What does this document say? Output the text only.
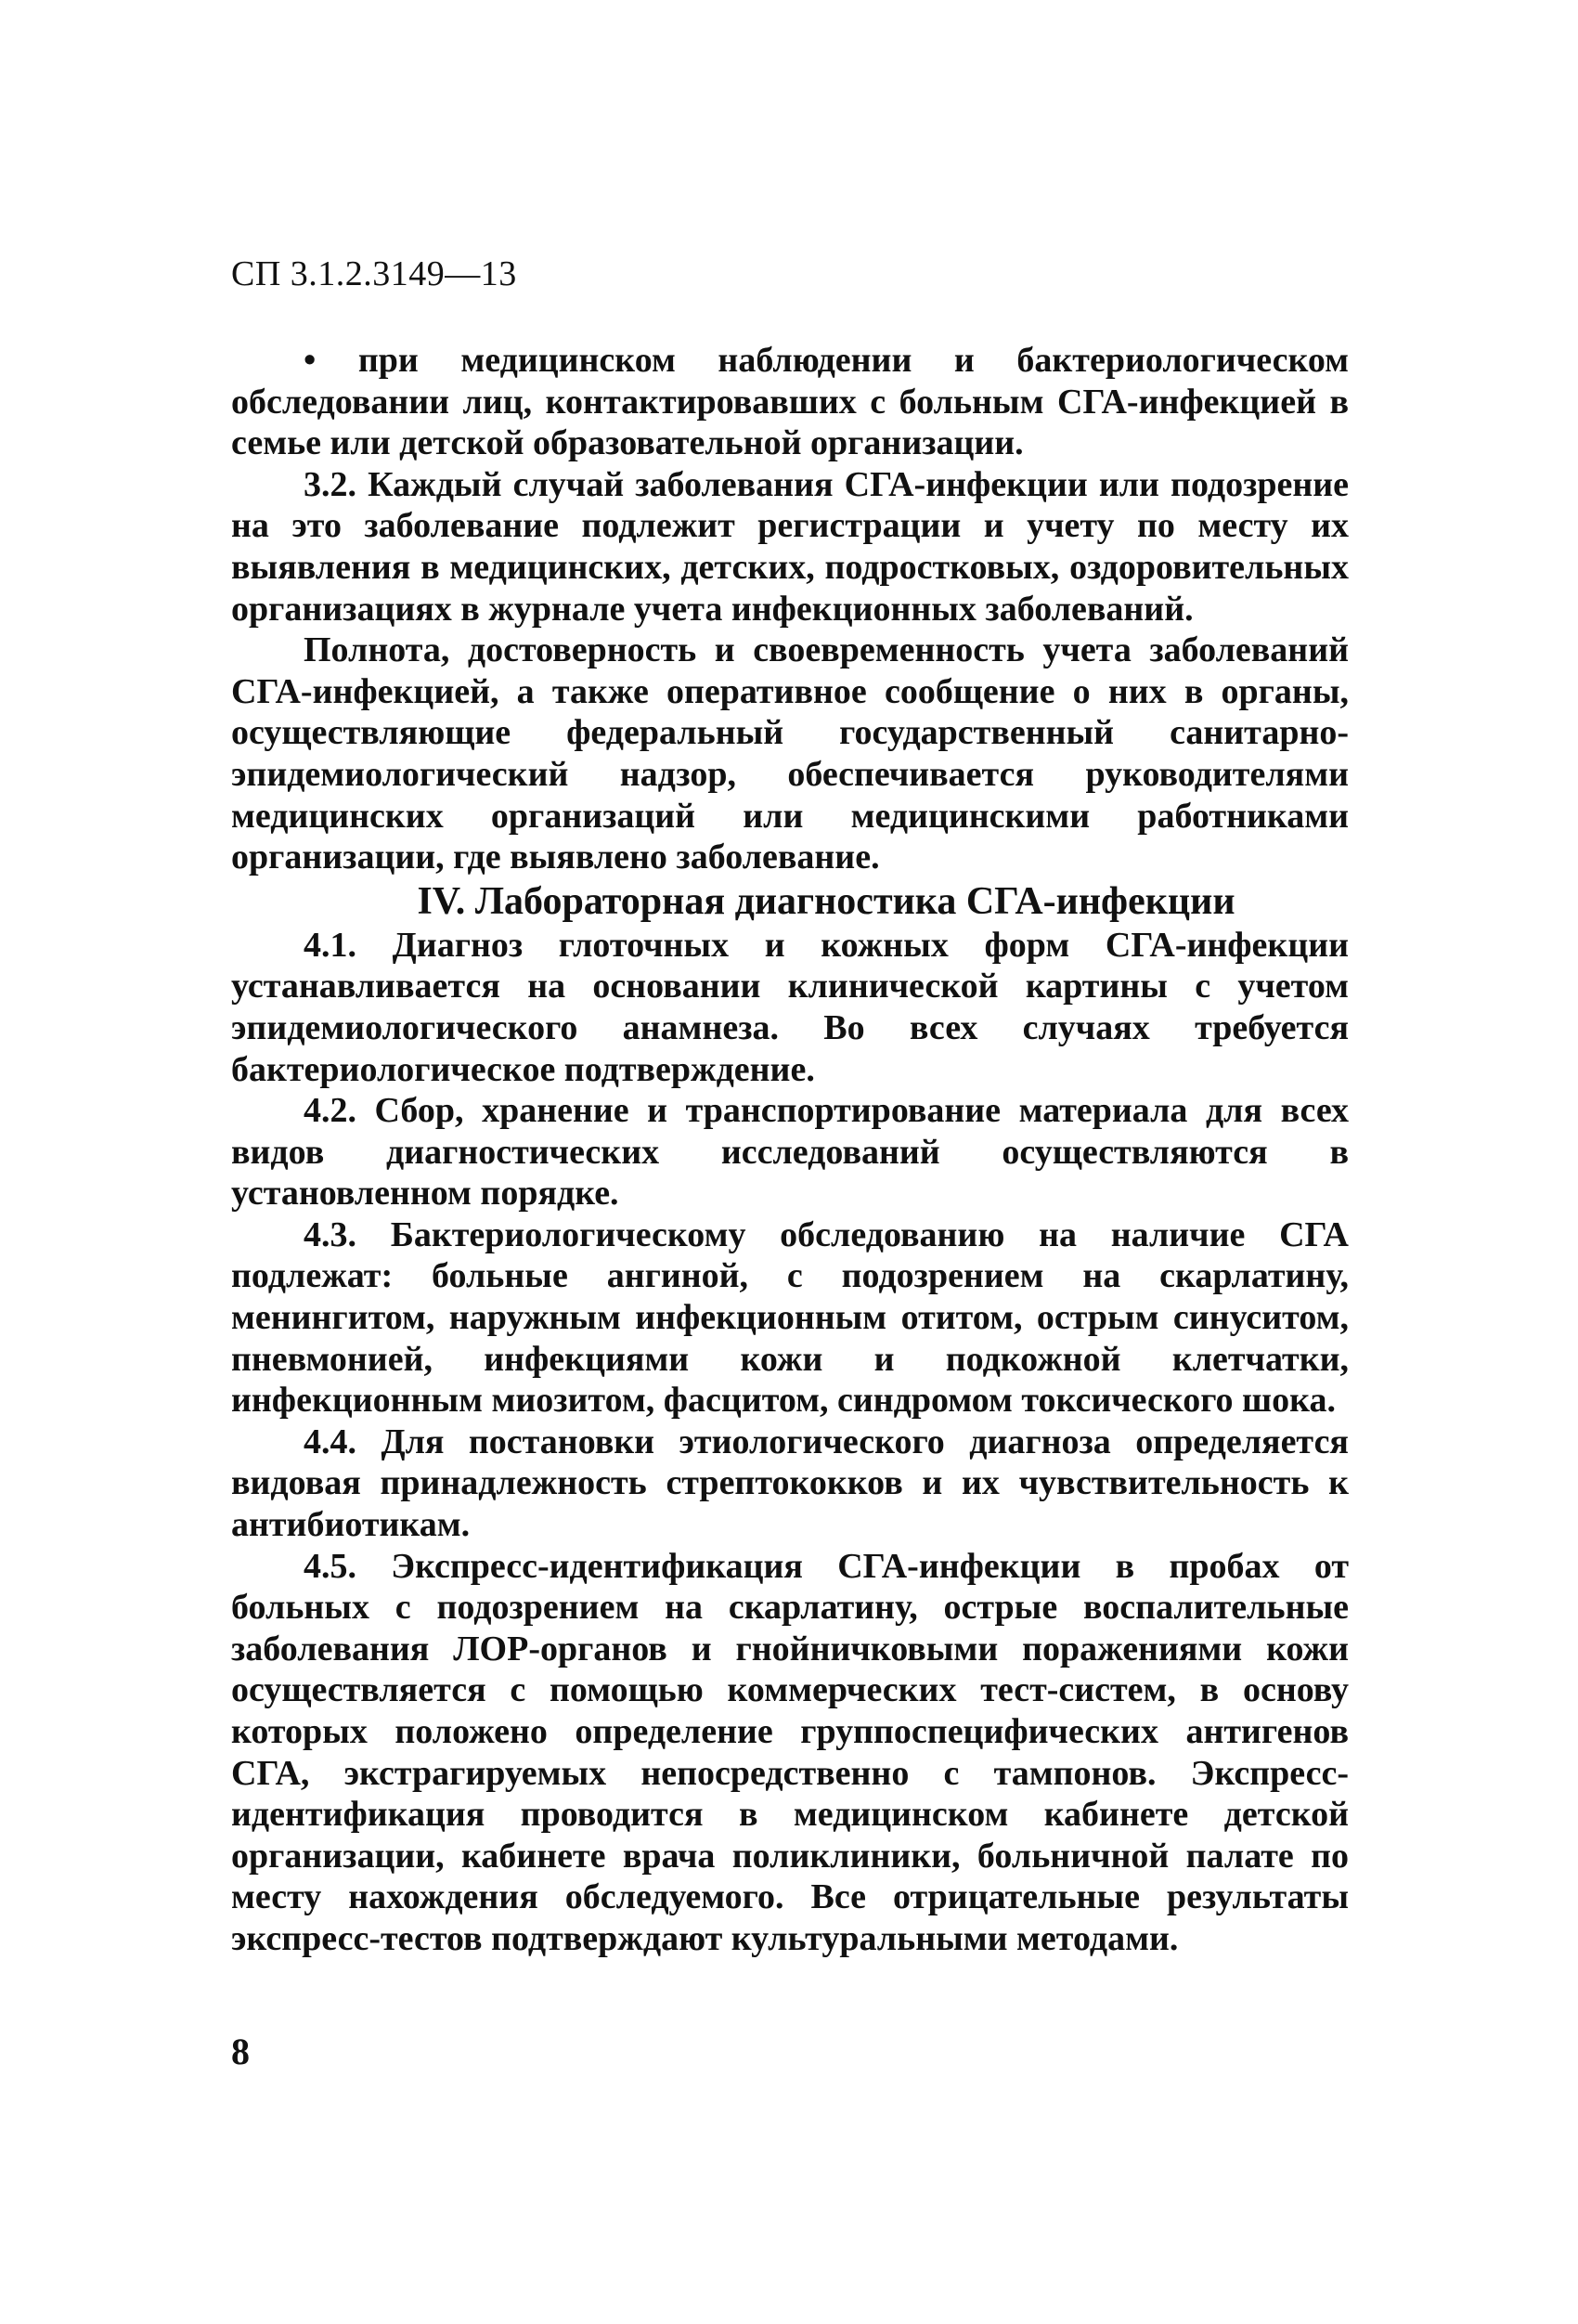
СП 3.1.2.3149—13

• при медицинском наблюдении и бактериологическом обследовании лиц, контактировавших с больным СГА-инфекцией в семье или детской образовательной организации.

3.2. Каждый случай заболевания СГА-инфекции или подозрение на это заболевание подлежит регистрации и учету по месту их выявления в медицинских, детских, подростковых, оздоровительных организациях в журнале учета инфекционных заболеваний.

Полнота, достоверность и своевременность учета заболеваний СГА-инфекцией, а также оперативное сообщение о них в органы, осуществляющие федеральный государственный санитарно-эпидемиологический надзор, обеспечивается руководителями медицинских организаций или медицинскими работниками организации, где выявлено заболевание.

IV. Лабораторная диагностика СГА-инфекции

4.1. Диагноз глоточных и кожных форм СГА-инфекции устанавливается на основании клинической картины с учетом эпидемиологического анамнеза. Во всех случаях требуется бактериологическое подтверждение.

4.2. Сбор, хранение и транспортирование материала для всех видов диагностических исследований осуществляются в установленном порядке.

4.3. Бактериологическому обследованию на наличие СГА подлежат: больные ангиной, с подозрением на скарлатину, менингитом, наружным инфекционным отитом, острым синуситом, пневмонией, инфекциями кожи и подкожной клетчатки, инфекционным миозитом, фасцитом, синдромом токсического шока.

4.4. Для постановки этиологического диагноза определяется видовая принадлежность стрептококков и их чувствительность к антибиотикам.

4.5. Экспресс-идентификация СГА-инфекции в пробах от больных с подозрением на скарлатину, острые воспалительные заболевания ЛОР-органов и гнойничковыми поражениями кожи осуществляется с помощью коммерческих тест-систем, в основу которых положено определение группоспецифических антигенов СГА, экстрагируемых непосредственно с тампонов. Экспресс-идентификация проводится в медицинском кабинете детской организации, кабинете врача поликлиники, больничной палате по месту нахождения обследуемого. Все отрицательные результаты экспресс-тестов подтверждают культуральными методами.

8
